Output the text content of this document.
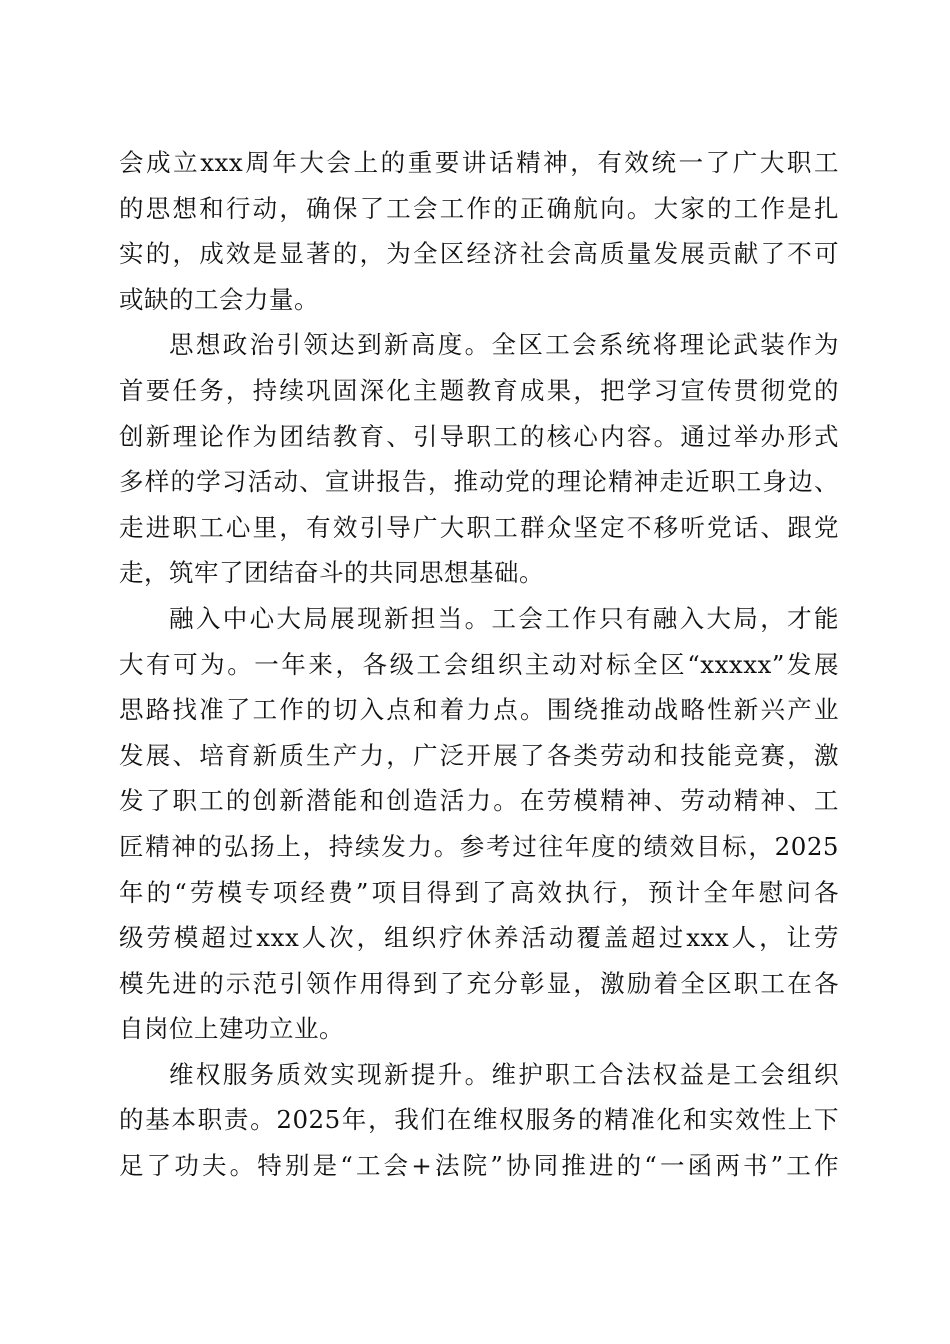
会成立xxx周年大会上的重要讲话精神，有效统一了广大职工
的思想和行动，确保了工会工作的正确航向。大家的工作是扎
实的，成效是显著的，为全区经济社会高质量发展贡献了不可
或缺的工会力量。
思想政治引领达到新高度。全区工会系统将理论武装作为
首要任务，持续巩固深化主题教育成果，把学习宣传贯彻党的
创新理论作为团结教育、引导职工的核心内容。通过举办形式
多样的学习活动、宣讲报告，推动党的理论精神走近职工身边、
走进职工心里，有效引导广大职工群众坚定不移听党话、跟党
走，筑牢了团结奋斗的共同思想基础。
融入中心大局展现新担当。工会工作只有融入大局，才能
大有可为。一年来，各级工会组织主动对标全区“xxxxx”发展
思路找准了工作的切入点和着力点。围绕推动战略性新兴产业
发展、培育新质生产力，广泛开展了各类劳动和技能竞赛，激
发了职工的创新潜能和创造活力。在劳模精神、劳动精神、工
匠精神的弘扬上，持续发力。参考过往年度的绩效目标，2025
年的“劳模专项经费”项目得到了高效执行，预计全年慰问各
级劳模超过xxx人次，组织疗休养活动覆盖超过xxx人，让劳
模先进的示范引领作用得到了充分彰显，激励着全区职工在各
自岗位上建功立业。
维权服务质效实现新提升。维护职工合法权益是工会组织
的基本职责。2025年，我们在维权服务的精准化和实效性上下
足了功夫。特别是“工会+法院”协同推进的“一函两书”工作
